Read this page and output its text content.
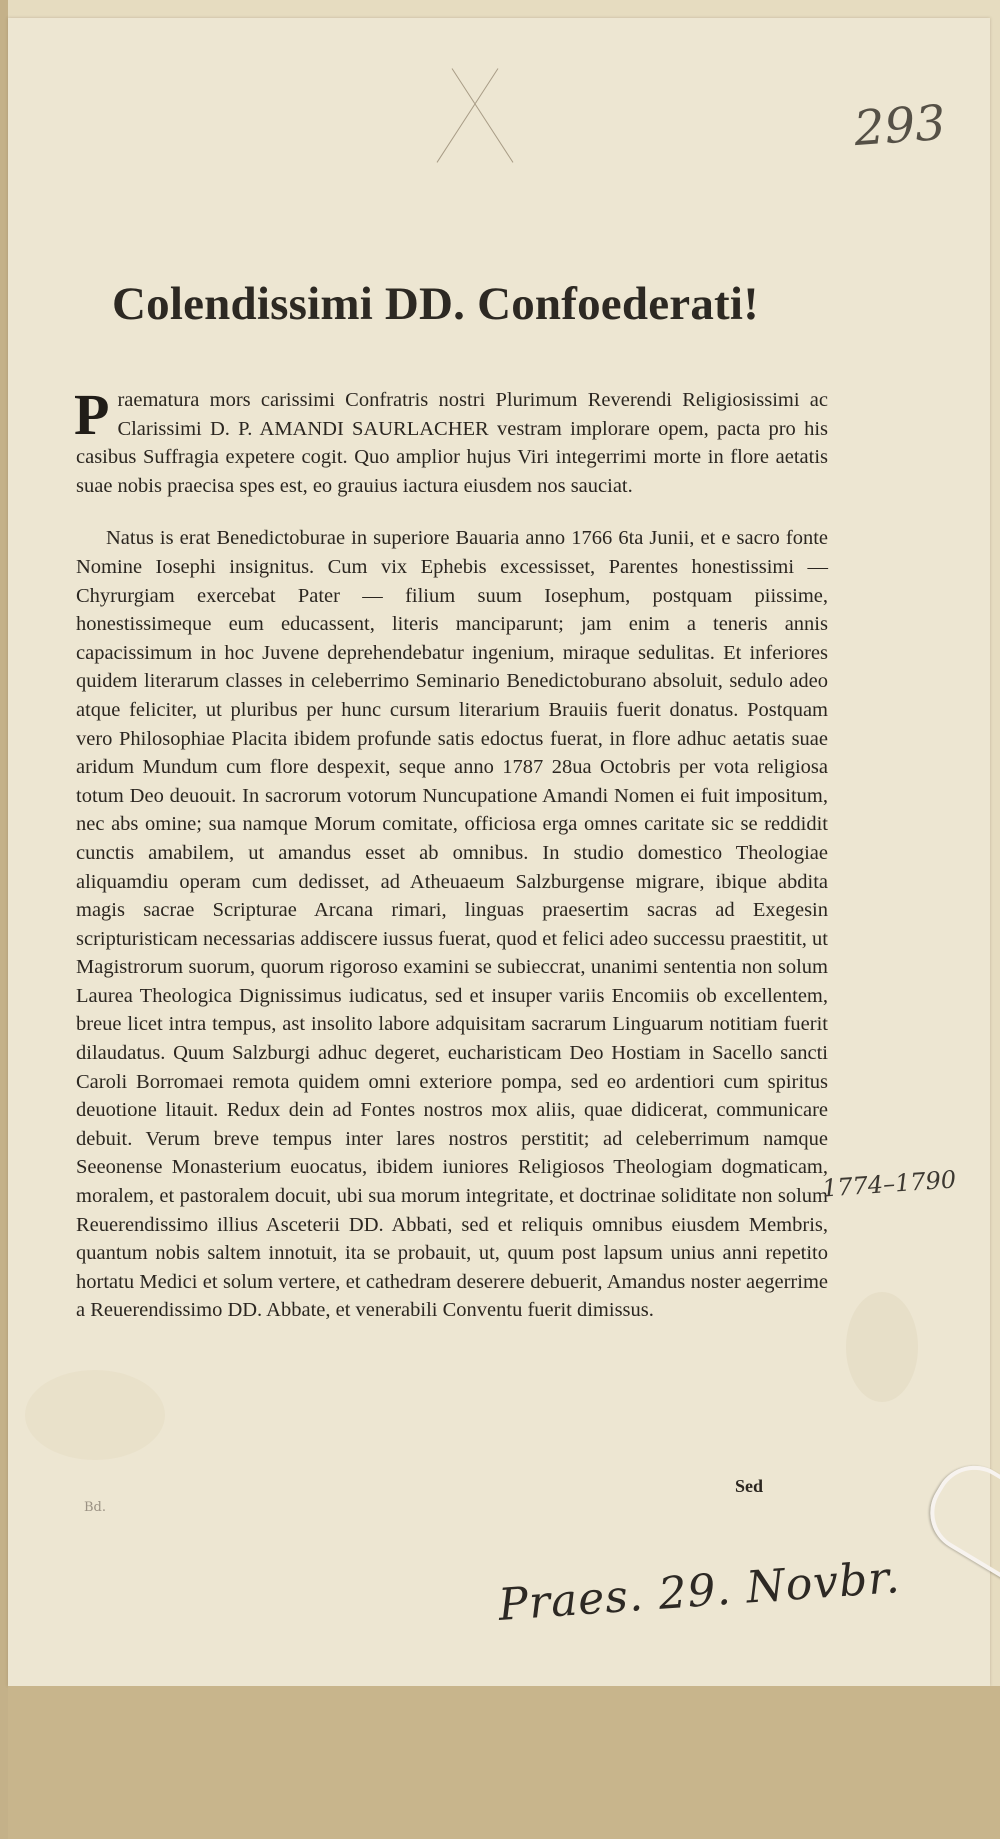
293
Colendissimi DD. Confoederati!

Praematura mors carissimi Confratris nostri Plurimum Reverendi Religiosissimi ac Clarissimi D. P. AMANDI SAURLACHER vestram implorare opem, pacta pro his casibus Suffragia expetere cogit. Quo amplior hujus Viri integerrimi morte in flore aetatis suae nobis praecisa spes est, eo grauius iactura eiusdem nos sauciat.

Natus is erat Benedictoburae in superiore Bauaria anno 1766 6ta Junii, et e sacro fonte Nomine Iosephi insignitus. Cum vix Ephebis excessisset, Parentes honestissimi — Chyrurgiam exercebat Pater — filium suum Iosephum, postquam piissime, honestissimeque eum educassent, literis manciparunt; jam enim a teneris annis capacissimum in hoc Juvene deprehendebatur ingenium, miraque sedulitas. Et inferiores quidem literarum classes in celeberrimo Seminario Benedictoburano absoluit, sedulo adeo atque feliciter, ut pluribus per hunc cursum literarium Brauiis fuerit donatus. Postquam vero Philosophiae Placita ibidem profunde satis edoctus fuerat, in flore adhuc aetatis suae aridum Mundum cum flore despexit, seque anno 1787 28ua Octobris per vota religiosa totum Deo deuouit. In sacrorum votorum Nuncupatione Amandi Nomen ei fuit impositum, nec abs omine; sua namque Morum comitate, officiosa erga omnes caritate sic se reddidit cunctis amabilem, ut amandus esset ab omnibus. In studio domestico Theologiae aliquamdiu operam cum dedisset, ad Atheuaeum Salzburgense migrare, ibique abdita magis sacrae Scripturae Arcana rimari, linguas praesertim sacras ad Exegesin scripturisticam necessarias addiscere iussus fuerat, quod et felici adeo successu praestitit, ut Magistrorum suorum, quorum rigoroso examini se subieccrat, unanimi sententia non solum Laurea Theologica Dignissimus iudicatus, sed et insuper variis Encomiis ob excellentem, breue licet intra tempus, ast insolito labore adquisitam sacrarum Linguarum notitiam fuerit dilaudatus. Quum Salzburgi adhuc degeret, eucharisticam Deo Hostiam in Sacello sancti Caroli Borromaei remota quidem omni exteriore pompa, sed eo ardentiori cum spiritus deuotione litauit. Redux dein ad Fontes nostros mox aliis, quae didicerat, communicare debuit. Verum breve tempus inter lares nostros perstitit; ad celeberrimum namque Seeonense Monasterium euocatus, ibidem iuniores Religiosos Theologiam dogmaticam, moralem, et pastoralem docuit, ubi sua morum integritate, et doctrinae soliditate non solum Reuerendissimo illius Asceterii DD. Abbati, sed et reliquis omnibus eiusdem Membris, quantum nobis saltem innotuit, ita se probauit, ut, quum post lapsum unius anni repetito hortatu Medici et solum vertere, et cathedram deserere debuerit, Amandus noster aegerrime a Reuerendissimo DD. Abbate, et venerabili Conventu fuerit dimissus.

1774–1790
Sed
Bd.
Praes. 29. Novbr.
